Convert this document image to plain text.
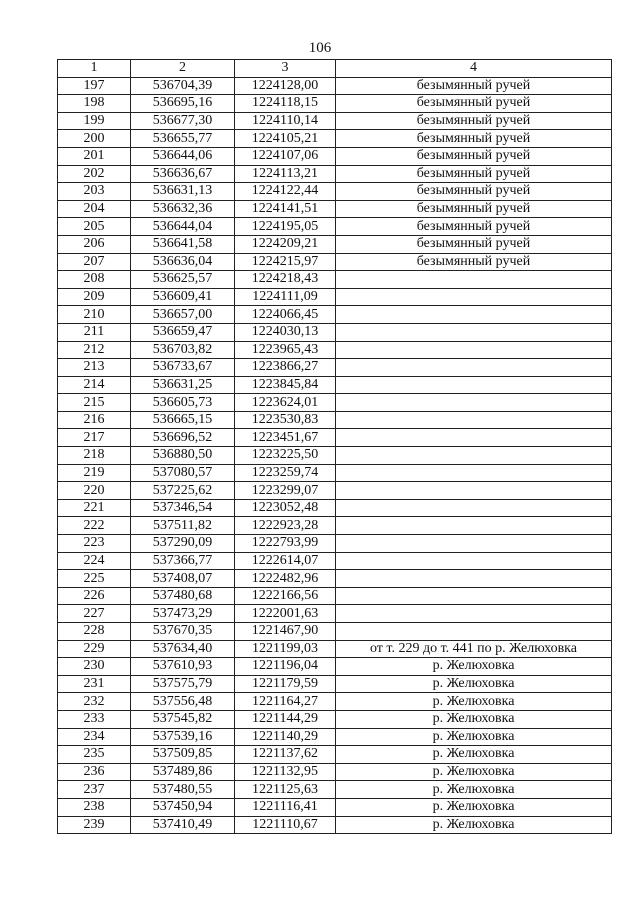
106
1	2	3	4
197	536704,39	1224128,00	безымянный ручей
198	536695,16	1224118,15	безымянный ручей
199	536677,30	1224110,14	безымянный ручей
200	536655,77	1224105,21	безымянный ручей
201	536644,06	1224107,06	безымянный ручей
202	536636,67	1224113,21	безымянный ручей
203	536631,13	1224122,44	безымянный ручей
204	536632,36	1224141,51	безымянный ручей
205	536644,04	1224195,05	безымянный ручей
206	536641,58	1224209,21	безымянный ручей
207	536636,04	1224215,97	безымянный ручей
208	536625,57	1224218,43	
209	536609,41	1224111,09	
210	536657,00	1224066,45	
211	536659,47	1224030,13	
212	536703,82	1223965,43	
213	536733,67	1223866,27	
214	536631,25	1223845,84	
215	536605,73	1223624,01	
216	536665,15	1223530,83	
217	536696,52	1223451,67	
218	536880,50	1223225,50	
219	537080,57	1223259,74	
220	537225,62	1223299,07	
221	537346,54	1223052,48	
222	537511,82	1222923,28	
223	537290,09	1222793,99	
224	537366,77	1222614,07	
225	537408,07	1222482,96	
226	537480,68	1222166,56	
227	537473,29	1222001,63	
228	537670,35	1221467,90	
229	537634,40	1221199,03	от т. 229 до т. 441 по р. Желюховка
230	537610,93	1221196,04	р. Желюховка
231	537575,79	1221179,59	р. Желюховка
232	537556,48	1221164,27	р. Желюховка
233	537545,82	1221144,29	р. Желюховка
234	537539,16	1221140,29	р. Желюховка
235	537509,85	1221137,62	р. Желюховка
236	537489,86	1221132,95	р. Желюховка
237	537480,55	1221125,63	р. Желюховка
238	537450,94	1221116,41	р. Желюховка
239	537410,49	1221110,67	р. Желюховка
